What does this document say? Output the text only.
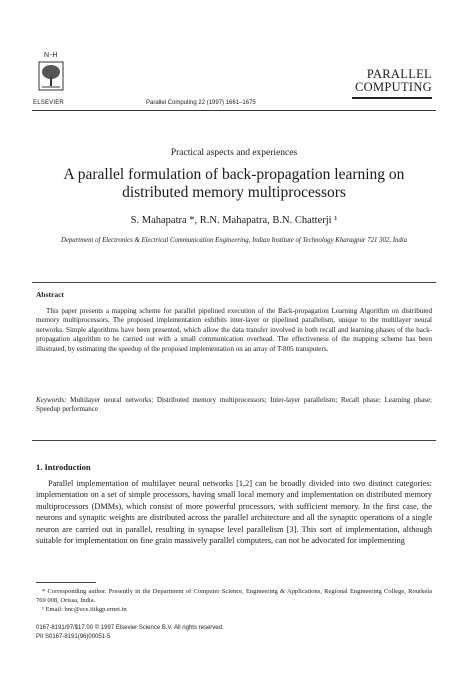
N-H
ELSEVIER	Parallel Computing 22 (1997) 1661–1675
PARALLEL
COMPUTING
Practical aspects and experiences
A parallel formulation of back-propagation learning on distributed memory multiprocessors
S. Mahapatra *, R.N. Mahapatra, B.N. Chatterji ¹
Department of Electronics & Electrical Communication Engineering, Indian Institute of Technology Kharagpur 721 302, India
Abstract
This paper presents a mapping scheme for parallel pipelined execution of the Back-propagation Learning Algorithm on distributed memory multiprocessors. The proposed implementation exhibits inter-layer or pipelined parallelism, unique to the multilayer neural networks. Simple algorithms have been presented, which allow the data transfer involved in both recall and learning phases of the back-propagation algorithm to be carried out with a small communication overhead. The effectiveness of the mapping scheme has been illustrated, by estimating the speedup of the proposed implementation on an array of T-805 transputers.
Keywords: Multilayer neural networks; Distributed memory multiprocessors; Inter-layer parallelism; Recall phase; Learning phase; Speedup performance
1. Introduction
Parallel implementation of multilayer neural networks [1,2] can be broadly divided into two distinct categories: implementation on a set of simple processors, having small local memory and implementation on distributed memory multiprocessors (DMMs), which consist of more powerful processors, with sufficient memory. In the first case, the neurons and synaptic weights are distributed across the parallel architecture and all the synaptic operations of a single neuron are carried out in parallel, resulting in synapse level parallelism [3]. This sort of implementation, although suitable for implementation on fine grain massively parallel computers, can not be advocated for implementing
* Corresponding author. Presently in the Department of Computer Science, Engineering & Applications, Regional Engineering College, Rourkela 769 008, Orissa, India.
¹ Email: bnc@ece.iitkgp.ernet.in
0167-8191/97/$17.00 © 1997 Elsevier Science B.V. All rights reserved.
PII S0167-8191(96)00051-5
